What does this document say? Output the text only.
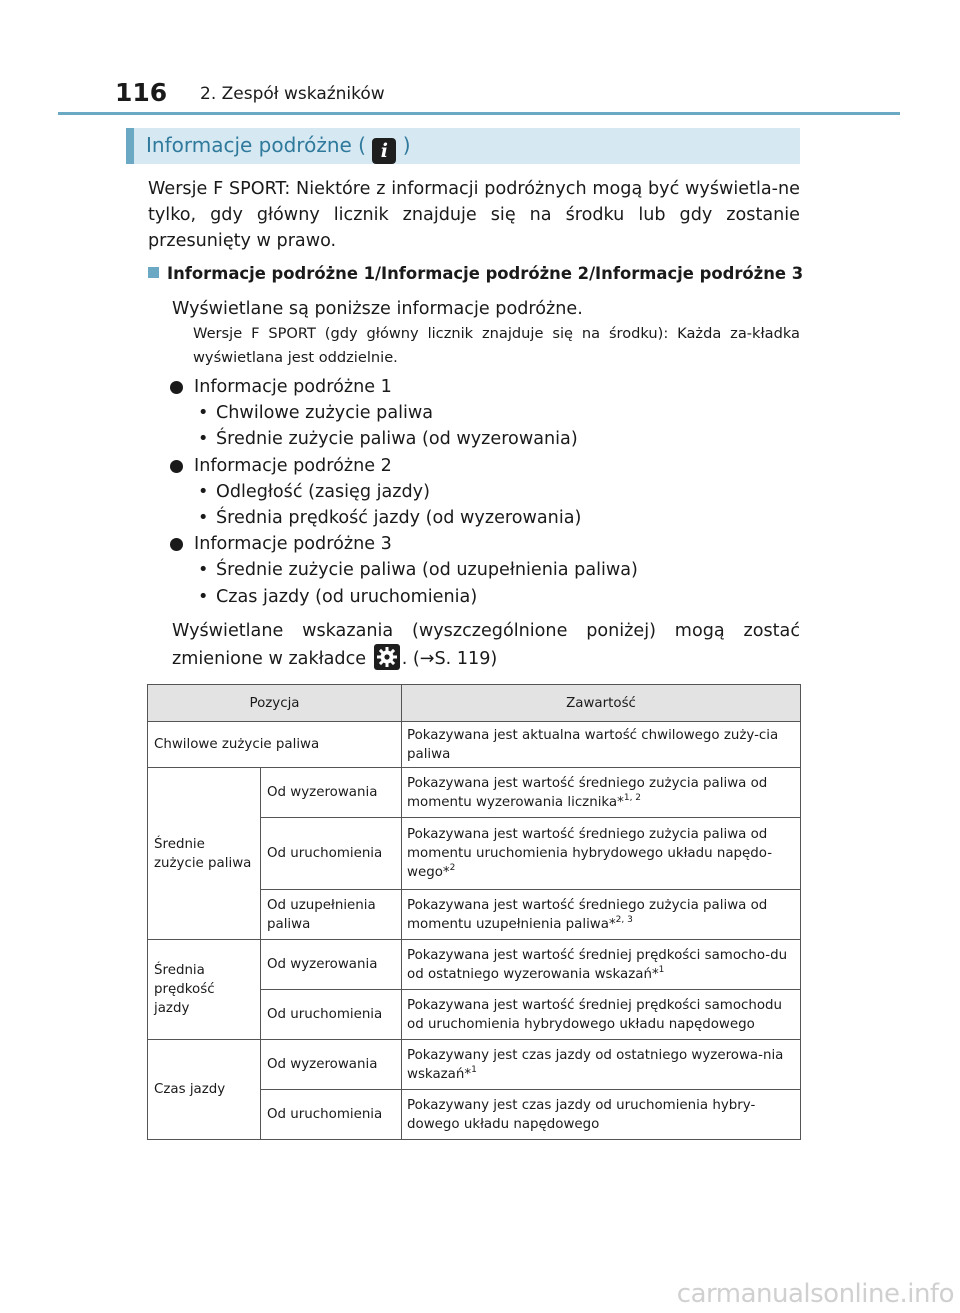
116 2. Zespół wskaźników
Informacje podróżne ( i )
Wersje F SPORT: Niektóre z informacji podróżnych mogą być wyświetla-ne tylko, gdy główny licznik znajduje się na środku lub gdy zostanie przesunięty w prawo.
Informacje podróżne 1/Informacje podróżne 2/Informacje podróżne 3
Wyświetlane są poniższe informacje podróżne.
Wersje F SPORT (gdy główny licznik znajduje się na środku): Każda za-kładka wyświetlana jest oddzielnie.
Informacje podróżne 1
• Chwilowe zużycie paliwa
• Średnie zużycie paliwa (od wyzerowania)
Informacje podróżne 2
• Odległość (zasięg jazdy)
• Średnia prędkość jazdy (od wyzerowania)
Informacje podróżne 3
• Średnie zużycie paliwa (od uzupełnienia paliwa)
• Czas jazdy (od uruchomienia)
Wyświetlane wskazania (wyszczególnione poniżej) mogą zostać
zmienione w zakładce . (→S. 119)
Pozycja		Zawartość
Chwilowe zużycie paliwa		Pokazywana jest aktualna wartość chwilowego zuży-cia paliwa
Średnie zużycie paliwa	Od wyzerowania	Pokazywana jest wartość średniego zużycia paliwa od momentu wyzerowania licznika*$^{1, 2}$
	Od uruchomienia	Pokazywana jest wartość średniego zużycia paliwa od momentu uruchomienia hybrydowego układu napędo-wego*$^2$
	Od uzupełnienia paliwa	Pokazywana jest wartość średniego zużycia paliwa od momentu uzupełnienia paliwa*$^{2, 3}$
Średnia prędkość jazdy	Od wyzerowania	Pokazywana jest wartość średniej prędkości samocho-du od ostatniego wyzerowania wskazań*$^1$
	Od uruchomienia	Pokazywana jest wartość średniej prędkości samochodu od uruchomienia hybrydowego układu napędowego
Czas jazdy	Od wyzerowania	Pokazywany jest czas jazdy od ostatniego wyzerowa-nia wskazań*$^1$
	Od uruchomienia	Pokazywany jest czas jazdy od uruchomienia hybry-dowego układu napędowego
carmanualsonline.info
